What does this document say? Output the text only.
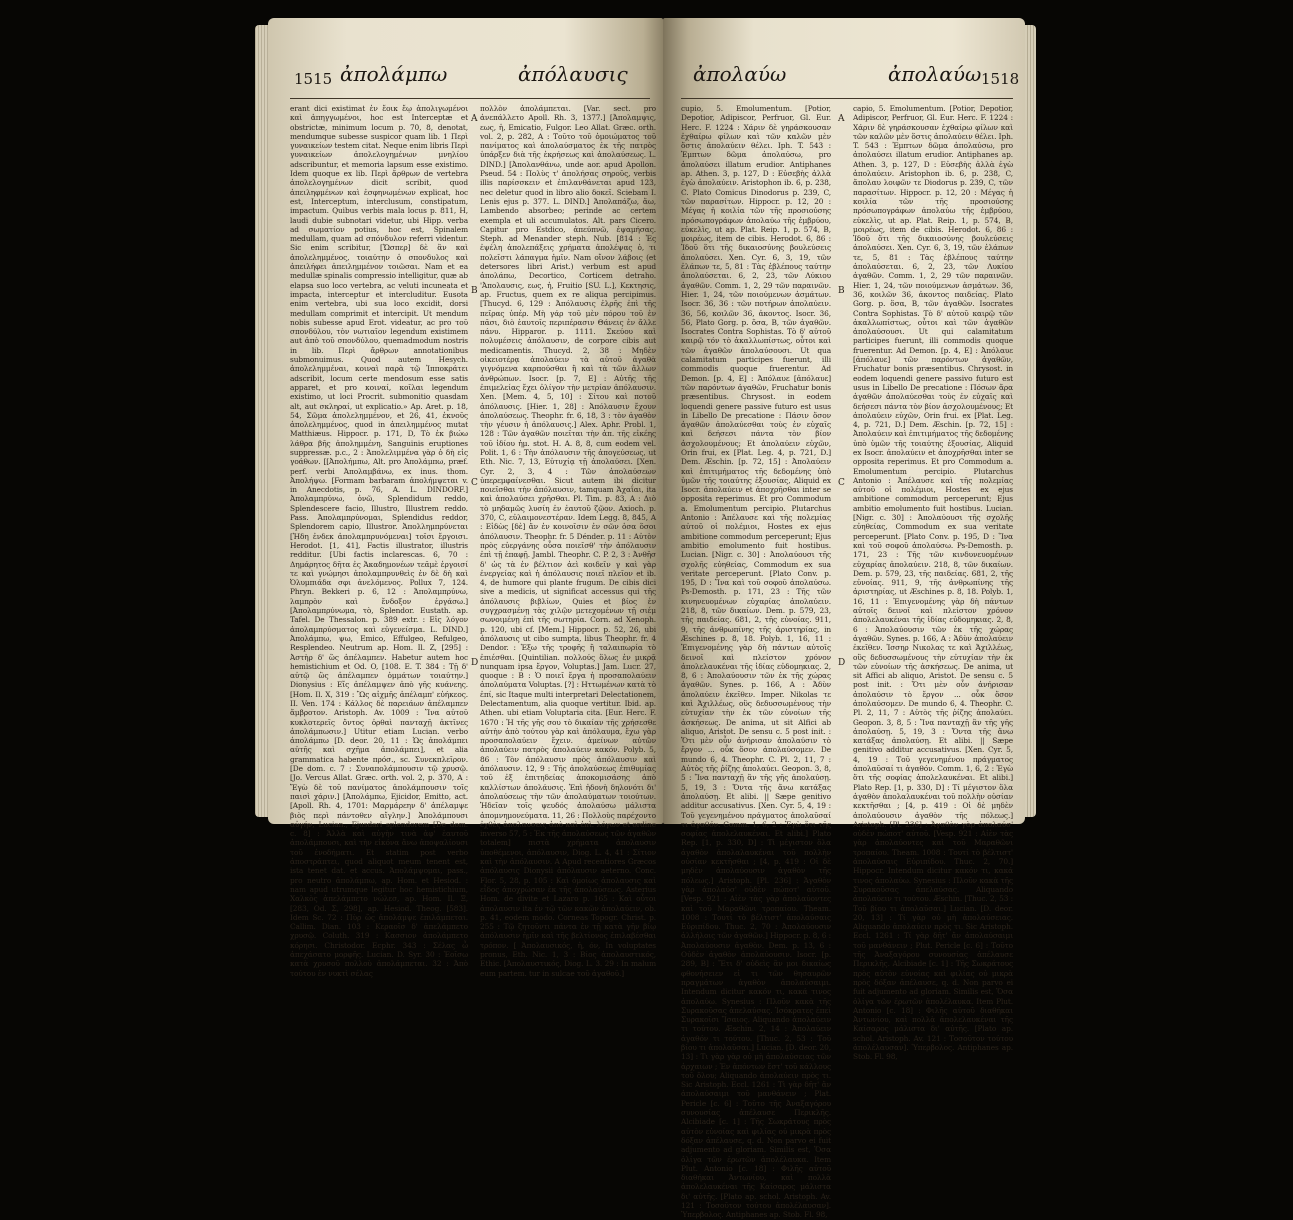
1515 ἀπολάμπω	ἀπόλαυσις
erant dici existimat ἐν ἔοικ ἔῳ ἀπολιγωμένοι καὶ ἀπηγγωμένοι, hoc est Interceptæ et obstrictæ, minimum locum p. 70, 8, denotat, mendumque subesse suspicor quam lib. 1 Περὶ γυναικείων testem citat. Neque enim libris Περὶ γυναικείων ἀπολελογημένων μνηλίου adscribuntur, et memoria lapsum esse existimo. Idem quoque ex lib. Περὶ ἄρθρων de vertebra ἀπολελογημένων dicit scribit, quod ἀπειληφμένων καὶ ἐσφηνωμένων explicat, hoc est, Interceptum, interclusum, constipatum, impactum. Quibus verbis mala locus p. 811, H, laudi dubie subnotari videtur, ubi Hipp. verba ad σωματίον potius, hoc est, Spinalem medullam, quam ad σπόνδυλον referri videntur. Sic enim scribitur, [Ὥσπερ] δὲ ἂν καὶ ἀπολελημμένος, τοιαύτην ὁ σπονδυλος καὶ ἀπειλήφει ἀπειλημμένον τοιῶσαι. Nam et ea medullæ spinalis compressio intelligitur, quæ ab elapsa suo loco vertebra, ac veluti incuneata et impacta, interceptur et intercluditur. Eusota enim vertebra, ubi sua loco excidit, dorsi medullam comprimit et intercipit. Ut mendum nobis subesse apud Erot. videatur, ac pro τοῦ σπονδύλου, τὸν νωτιαῖον legendum existimem aut ἀπὸ τοῦ σπονδύλου, quemadmodum nostris in lib. Περὶ ἄρθρων annotationibus submonuimus. Quod autem Hesych. ἀπολελημμέναι, κοιναὶ παρὰ τῷ Ἱπποκράτει adscribit, locum certe mendosum esse satis apparet, et pro κοιναί, κοῖλαι legendum existimo, ut loci Procrit. submonitio quasdam alt, aut σκληραί, ut explicatio.» Ap. Aret. p. 18, 54, Σῶμα ἀπολελημμένον, et 26, 41, ἐκνοῦς ἀπολελημμένος, quod in ἀπειλημμένος mutat Matthiæus. Hippocr. p. 171, D, Τὸ ἐκ βιώω λάθρα βῆς ἀπολημμένη, Sanguinis eruptiones suppressæ. p.c., 2 : Ἀπολελιμμένα γὰρ ὁ δὴ εἰς γοάθων. [[Ἀπολήμπω, Alt. pro Ἀπολάμπω, præf. perf. verbi Ἀπολαμβάνω, ex inus. thom. Ἀπολήψω. [Formam barbaram ἀπολήμψεται v. in Anecdotis, p. 76, A. L. DINDORF.] Ἀπολαμπρύνω, ὁνῶ, Splendidum reddo, Splendescere facio, Illustro, Illustrem reddo. Pass. Ἀπολαμπρύνομαι, Splendidus reddor, Splendorem capio, Illustror. Ἀπολλημπρύνεται [Ἠδη ἐνδεκ ἀπολαμπρυνόμεναι] τοῖσι ἔργοισι. Herodot. [1, 41], Factis illustrator, illustris redditur. [Ubi factis inclarescas. 6, 70 : Δημάρητος δῆτα ἐς Ἀκαδημονέων τεᾶμὲ ἐργοισί τε καὶ γνώμησι ἀπολαμπρυνθεὶς ἐν δὲ δὴ καὶ Ὀλυμπιάδα σφι ἀνελόμενος. Pollux 7, 124. Phryn. Bekkeri p. 6, 12 : Ἀπολαμπρύνω, λαμπρὸν καὶ ἔνδοξον ἐργάσω.] [Ἀπολαμπρύνωμα, τὸ, Splendor. Eustath. ap. Tafel. De Thessalon. p. 389 extr. : Εἰς λόγον ἀπολαμπρύσματος καὶ εὐγενείσμα. L. DIND.] Ἀπολάμπω, ψω, Emicο, Effulgeo, Refulgeo, Resplendeo. Neutrum ap. Hom. Il. Z, [295] : Ἀστὴρ δ' ὣς ἀπέλαμπεν. Habetur autem hoc hemistichium et Od. O, [108. E. T. 384 : Τῇ δ' αὐτῷ ὣς ἀπέλαμπεν ὀμμάτων τοιαύτην.] Dionysius : Εἴς ἀπέλαμψεν ἀπὸ γῆς κυάνεης. [Hom. Il. X, 319 : Ὣς αἰχμῆς ἀπέλαμπ' εὐήκεος. II. Ven. 174 : Κάλλος δὲ παρειάων ἀπέλαμπεν ἄμβροτον. Aristoph. Av. 1009 : Ἵνα αὐτοῦ κυκλοτερεῖς ὄντος ὀρθαὶ πανταχῇ ἀκτῖνες ἀπολάμπωσιν.] Utitur etiam Lucian. verbo ἀπολάμπω [D. deor. 20, 11 : Ὡς ἀπολάμπει αὐτῆς καὶ σχῆμα ἀπολάμπει], et alia grammatica habente πρόσ., sc. Συνεκπλεῖρον. [De dom. c. 7 : Συναπολάμπουσιν τῷ χρυσῷ. [Jo. Vercus Allat. Græc. orth. vol. 2, p. 370, A : Ἔγὼ δὲ τοῦ πανίματος ἀπολάμπουσιν τοῖς παισὶ χάριν.] [Ἀπολάμπω, Ejicidor, Emitto, act. [Apoll. Rh. 4, 1701: Μαρμάρεην δ' ἀπέλαμψε βιὸς περὶ πάντοθεν αἴγλην.] Ἀπολάμπουσι αὐγήν, Lucian., Ejusdari splendorem [De dom. c. 8] : Ἀλλὰ καὶ αὐγὴν τινὰ ἀφ' ἑαυτοῦ ἀπολάμπουσι, καὶ τὴν εἰκόνα ἄνω ἀποψαλίουσι τοῦ ἐνοδήματι. Et statim post verbo ἀποστράπτει, quod aliquot meum tenent est, ista tenet dat. et accus. Ἀπολάμψομαι, pass., pro neutro ἀπολάμπω, ap. Hom. et Hesiod. : nam apud utrumque legitur hoc hemistichium, Χαλκὸς ἀπελάμπετο νώλεσ, ap. Hom. Il. Ξ, [283, Od. Σ, 298], ap. Hesiod. Theog. [583]. Idem Sc. 72 : Πὺρ ὣς ἀπολάμψε ἐπιλάμπεται. Callim. Dian. 103 : Κεραοῖσ δ' ἀπελάμπετο χρυσῷ. Coluth. 319 : Κασσιον ἀπολάμπετο κόρησι. Christodor. Ecphr. 343 : Σέλας ὦ ἀπεχάσατο μορφῆς. Lucian. D. Syr. 30 : Ἐοῖσω κατὰ χρυσοῦ πολλοὺ ἀπολάμπεται. 32 : Ἀπὸ τούτου ἐν νυκτὶ σέλας
πολλὸν ἀπολάμπεται. [Var. sect. pro ἀνεπάλλετο Apoll. Rh. 3, 1377.] [Ἀπολαμψις, εως, ἡ, Emicatio, Fulgor. Leo Allat. Græc. orth. vol. 2, p. 282, A : Τοῦτο τοῦ ὁμοιώματος τοῦ πανίματος καὶ ἀπολαύσματος ἐκ τῆς πατρὸς ὑπάρξεν διὰ τῆς ἐκρήσεως καὶ ἀπολαύσεως. L. DIND.] [Ἀπολανθάνω, unde aor. apud Apollon. Pseud. 54 : Πολὺς τ' ἀπολήσας σηροῦς, verbis illis παρίσσκειν et ἐπιλανθάνεται apud 123, nec deletur quod in libro alio δοκεῖ. Sciebam I. Lenis ejus p. 377. L. DIND.] Ἀπολαπάζω, ἄω, Lambendo absorbeo; perinde ac certem exempla et uli accumulatos. Alt. pars Cicero. Capitur pro Estdico, ἀπεύπνῶ, ἐψαμήσας. Steph. ad Menander steph. Nub. [814 : Ἐς ἐψέλη ἀπολεπάξεις χρήματα ἀπολέψας ὁ, τι πολεῖστι λάπαγμα ἡμῖν. Nam οἴνον λάβοις (et detersores libri Arist.) verbum est apud ἀπολάπω, Decortico, Corticem detraho. 'Ἀπολαυσις, εως, ἡ, Fruitio [SU. L.], Κεκτησις, ap. Fructus, quem ex re aliqua percipimus. [Thucyd. 6, 129 : Ἀπόλαυσις ἐλρῆς ἐπὶ τῆς πεῖρας ὑπέρ. Μὴ γάρ τοῦ μὲν πόρου τοῦ ἐν πᾶσι, διὸ ἑαυτοῖς περιπέρασιν Θάνεις ἐν ἄλλε πάνυ. Hipparor. p. 1111. Σκεύου καὶ πολυμέσεις ἀπόλαυσιν, de corpore cibis aut medicamentis. Thucyd. 2, 38 : Μηδὲν οἰκειοτέρᾳ ἀπολαύειν τὰ αὐτοῦ ἀγαθὰ γιγνόμενα καρπούσθαι ἢ καὶ τὰ τῶν ἄλλων ἀνθρώπων. Isocr. [p. 7, E] : Αὐτῆς τῆς ἐπιμελείας ἔχει ὀλίγον τὴν μετρίαν ἀπόλαυσιν. Xen. [Mem. 4, 5, 10] : Σίτου καὶ ποτοῦ ἀπόλαυσις. [Hier. 1, 28] : Ἀπόλαυσιν ἔχουν ἀπολαύσεως. Theophr. fr. 6, 18, 3 : τὸν ἀγαθὸν τὴν γέυσιν ἡ ἀπόλαυσις.] Alex. Aphr. Probl. 1, 128 : Τῶν ἀγαθῶν ποιεῖται τὴν ἀπ. τῆς εἰκέης τοῦ ἰδίου ἡμ. stot. H. A. 8, 8, cum eodem vel. Polit. 1, 6 : Τὴν ἀπόλαυσιν τῆς ἀπογεύσεως, ut Eth. Nic. 7, 13, Εὐτυχίᾳ τῇ ἀπολαύσει. [Xen. Cyr. 2, 3, 4 : Τῶν ἀπολαύσεων ὑπερεμφαίνεσθαι. Sicut autem ibi dicitur ποιεῖσθαι τὴν ἀπόλαυσιν, tamquam Ἀχαΐαι, ita καὶ ἀπολαύσει χρῆσθαι. Pl. Tim. p. 83, A : Διὸ τὸ μηδαμῶς λυσίη ἐν ἑαυτοῦ ζῷον. Axioch. p. 370, C, εὐλαιμονεστέραν. Idem Legg. 8, 845, A : Εἰδὼς [δὲ] ἄν ἐν κοινοῖσιν ἐν σῶν ὁσα ὅσοι ἀπόλαυσιν. Theophr. fr. 5 Dénder. p. 11 : Αὐτὸν πρὸς εὐεργάνης οὖσα ποιεῖσθ' τὴν ἀπόλαυσιν ἐπὶ τῇ ἐπαφῇ. Jambl. Theophr. C. P. 2, 3 : Ἀνθῆσ δ' ὡς τὰ ἐν βέλτιον ἀεὶ κοιδεῖν γ καὶ γὰρ ἐνεργείας καὶ ἡ ἀπόλαυσις ποιεῖ πλεῖον et ib. 4, de humore qui plante frugum. De cibis dici sive a medicis, ut significat accessus qui τῆς ἀπόλαυσις βιβλίων, Quies et βίος ἐν συγχρασμένῃ τὰς χιλῷν μετεχομένων τῇ σιέμ σωνοιμένῃ ἐπὶ τῆς σωτηρία. Corn. ad Xenoph. p. 120, ubi cf. [Mem.] Hippocr. p. 52, 26, ubi ἀπόλαυσις ut cibo sumpta, libus Theophr. fr. 4 Dendor. : Ἐξω τῆς τροφῆς ἢ ταλαιπωρία τὸ ἐπιέσθαι. [Quintilian. πολλούς ὅλως ἐν μικρᾷ nunquam ipsa ἔργον, Voluptas.] Jam. Lucr. 27, quoque : B : Ὁ ποιεῖ ἔργα ἡ προσαπολαύειν ἀπολαύματα Voluptas. [?] : Ηττωμένων κατὰ τὸ ἐπί, sic Itaque multi interpretari Delectationem, Delectamentum, alia quoque vertitur. Ibid. ap. Athen. ubi etiam Voluptaria cita. [Eur. Herc. F. 1670 : Ἡ τῆς γῆς σου τὸ δικαίαν τῆς χρήσεσθε αὐτὴν ἀπὸ τούτου γὰρ καὶ ἀπόλαυμα, ἔχω γὰρ προσαπολαύειν ἔχειν. ἀμείνων αὐτῶν ἀπολαύειν πατρὸς ἀπολαύειν κακόν. Polyb. 5, 86 : Τὸν ἀπόλαυσιν πρὸς ἀπόλαυσιν καὶ ἀπόλαυσιν. 12, 9 : Τῆς ἀπολαύσεως ἐπιθυμίας τοῦ ἐξ ἐπιτηδείας ἀποκομισάσης ἀπὸ καλλίστων ἀπολάυσις. Ἐπὶ ἡδονὴ δηλονότι δι' ἀπολαύσεως τὴν τῶν ἀπολαύματων τοιούτων. Ἡδεῖαν τοῖς ψευδός ἀπολαύσω μάλιστα ἀπομνημονεύματα. 11, 26 : Πολλοὺς παρέχοντο ἐχθὲς ἀπολαυσεις ἀπὸ καὶ ἐπὶ. λόγων et ordine inverso 57, 5 : Ἐκ τῆς ἀπολαύσεως τῶν ἀγαθῶν totalem] πιστὰ χρήματα ἀπολαυσιν ὑποθέμενοι, ἀπόλαυσιν, Diog. L. 4, 41 : Σίτιον καὶ τὴν ἀπόλαυσιν. A Apud recentiores Græcos ἀπόλαυσις Dionysii ἀπόλαυσιν aeterno. Conc. Flor. 5, 28, p. 105 : Καὶ ὁμοίως ἀπολαυσις καὶ εἶδος ἀποχρώσαν ἐκ τῆς ἀπολαύσεως. Asterius Hom. de divite et Lazaro p. 165 : Καὶ οὗτοι ἀπολαυσιν ita ἐν τῷ τῶν κακῶν ἀπολαύειν, ob. p. 41, eodem modo. Corneas Topogr. Christ. p. 255 : Τῷ ζητοῦντι πάντα ἐν τῇ κατὰ γῆν βίῳ ἀπόλαυσιν ἡμῖν καὶ τῆς βελτίονος ἐπιλαβέσθαι τρόπον. [ Ἀπολαυσικός, ἡ, όν, In voluptates pronus, Eth. Nic. 1, 3 : Βίος ἀπολαυστικός, Ethic. [Ἀπολαυστικός, Diog. L. 3. 29 : In malum eum partem. tur in sulcae τοῦ ἀγαθοῦ.]
A
B
C
D
ἀπολαύω	ἀπολαύω 1518
cupio, 5. Emolumentum. [Potior, Depotior, Adipiscor, Perfruor, Gl. Eur. Herc. F. 1224 : Χάριν δὲ γηράσκουσαν ἐχθαίρω φίλων καὶ τῶν καλῶν μὲν ὅστις ἀπολαύειν θέλει. Iph. T. 543 : Ἐμπτων δῶμα ἀπολαύσω, pro ἀπολαύσει illatum erudior. Antiphanes ap. Athen. 3, p. 127, D : Εὐσεβὴς ἀλλὰ ἐγὼ ἀπολαύειν. Aristophon ib. 6, p. 238, C. Plato Comicus Dinodorus p. 239, C, τῶν παρασίτων. Hippocr. p. 12, 20 : Μέγας ἡ κοιλία τῶν τῆς προσιούσης πρόσωπογράφων ἀπολαύω τῆς ἐμβρύου, εὐκελὶς, ut ap. Plat. Reip. 1, p. 574, B, μοιρέως, item de cibis. Herodot. 6, 86 : Ἰδοῦ ὅτι τῆς δικαιοσύνης βουλεύσεις ἀπολαύσει. Xen. Cyr. 6, 3, 19, τῶν ἐλάπων τε, 5, 81 : Τὰς ἐβλέπους ταύτην ἀπολαύσεται. 6, 2, 23, τῶν Λύκιου ἀγαθῶν. Comm. 1, 2, 29 τῶν παραινῶν. Hier. 1, 24, τῶν ποιούμενων ἀσμάτων. Isocr. 36, 36 : τῶν ποτήρων ἀπολαύειν. 36, 56, κοιλῶν 36, ἀκοντος. Isocr. 36, 56, Plato Gorg. p. ὅσα, B, τῶν ἀγαθῶν. Isocrates Contra Sophistas. Τὸ δ' αὐτοῦ καιρῷ τόν τὸ ἀκαλλωπίστως, οὗτοι καὶ τῶν ἀγαθῶν ἀπολαύσουσι. Ut qua calamitatum participes fuerunt, illi commodis quoque fruerentur. Ad Demon. [p. 4, E] : Ἀπόλαυε [ἀπόλαυε] τῶν παρόντων ἀγαθῶν, Fruchatur bonis præsentibus. Chrysost. in eodem loquendi genere passive futuro est usus in Libello De precatione : Πάσιν ὅσον ἀγαθῶν ἀπολαύεσθαι τοὺς ἐν εὐχαῖς καὶ δεήσεσι πάντα τὸν βίον ἀσχολουμένους; Et ἀπολαύειν εὐχῶν, Orin frui, ex [Plat. Leg. 4, p. 721, D.] Dem. Æschin. [p. 72, 15] : Ἀπολαύειν καὶ ἐπιτιμήματος τῆς δεδομένης ὑπὸ ὑμῶν τῆς τοιαύτης ἐξουσίας, Aliquid ex Isocr. ἀπολαύειν et ἀποχρῆσθαι inter se opposita reperimus. Et pro Commodum a. Emolumentum percipio. Plutarchus Antonio : Ἀπέλαυσε καὶ τῆς πολεμίας αὐτοῦ οἱ πολέμιοι, Hostes ex ejus ambitione commodum perceperunt; Ejus ambitio emolumento fuit hostibus. Lucian. [Nigr. c. 30] : Ἀπολαύουσι τῆς σχολῆς εὐηθείας, Commodum ex sua veritate perceperunt. [Plato Conv. p. 195, D : Ἵνα καὶ τοῦ σοφοῦ ἀπολαύσω. Ps-Demosth. p. 171, 23 : Τῆς τῶν κινηνευομένων εὐχαρίας ἀπολαύειν. 218, 8, τῶν δικαίων. Dem. p. 579, 23, τῆς παιδείας. 681, 2, τῆς εὐνοίας. 911, 9, τῆς ἀνθρωπίνης τῆς ἀριστηρίας, in Æschines p. 8, 18. Polyb. 1, 16, 11 : Ἐπιγενομένης γὰρ δὴ πάντων αὐτοῖς δεινοῖ καὶ πλείστον χρόνον ἀπολελαυκέναι τῆς ἰδίας εὐδομηκιας. 2, 8, 6 : Ἀπολαύουσιν τῶν ἐκ τῆς χώρας ἀγαθῶν. Synes. p. 166, A : Ἀδὺν ἀπολαύειν ἐκεῖθεν. Imper. Nikolas τε καὶ Ἀχιλλέως, οὓς δεδυσσωμένους τὴν εὐτυχίαν τὴν ἐκ τῶν εὐνοίων τῆς ἀσκήσεως. De anima, ut sit Alfici ab aliquo, Aristot. De sensu c. 5 post init. : Ὅτι μὲν οὖν ἀνήρισαν ἀπολαύσιν τὸ ἔργον ... οὖκ ὅσον ἀπολαύσομεν. De mundo 6, 4. Theophr. C. Pl. 2, 11, 7 : Αὐτὸς τῆς ῥίζης ἀπολαύει. Geopon. 3, 8, 5 : Ἴνα πανταχῇ ἂν τῆς γῆς ἀπολαύσῃ. 5, 19, 3 : Ὄντα τῆς ἄνω κατάξας ἀπολαύσῃ. Et alibi. || Sæpe genitivo additur accusativus. [Xen. Cyr. 5, 4, 19 : Τοῦ γεγενημένου πράγματος ἀπολαῦσαί τι ἀγαθόν. Comm. 1, 6, 2 : Ἐγὼ ὅτι τῆς σοφίας ἀπολελαυκέναι. Et alibi.] Plato Rep. [1, p. 330, D] : Τὶ μέγιστον ὅλα ἀγαθὸν ἀπολαλαυκέναι τοῦ πολλὴν οὐσίαν κεκτῆσθαι ; [4, p. 419 : Οἱ δὲ μηδὲν ἀπολαύουσιν ἀγαθὸν τῆς πόλεως.] Aristoph. [Pl. 236] : Ἀγαθὸν γὰρ ἀπολαύσ' οὐδὲν πώποτ' αὐτοῦ. [Vesp. 921 : Αἰὲν τὰς γὰρ ἀπολαύοντες καὶ τοῦ Μαραθῶνι τροπαίου. Theam. 1008 : Τουτί τὸ βέλτιστ' ἀπολαύσαις Εὐριπίδου. Thuc. 2, 70 : Ἀπολαύουσιν ἀλλήλοις τῶν ἀγαθῶν.] Hippocr. p. 8, 6 : Ἀπολαύουσιν ἀγαθὸν. Dem. p. 13, 6 : Οὐδὲν ἀγαθὸν ἀπολαύουσιν. Isocr. [p. 289, B] : Ἔτι δ' οὐδεὶς ἂν μοι δικαίως φθονήσειεν εἰ τι τῶν θησαυρῶν πραγμάτων ἀγαθὸν ἀπολαύσαιμι. Intendum dicitur κακόν τι, κακά τινος ἀπολαύω. Synesius : Πλοῦν κακὰ τῆς Συρακοῦσας ἀπελαύσας. Ἰσόκρατες ἐπεὶ Συρακοῖσι Ἴσαιος. Aliquando ἀπολαύειν τι τούτου. Æschin. 2, 14 : Ἀπολαύειν ἀγαθόν τι τούτου. [Thuc. 2, 53 : Τοῦ βίου τι ἀπολαῦσαι.] Lucian. [D. deor. 20, 13] : Τι γὰρ γὰρ οὐ μὴ ἀπολαύσειας τῶν ἀρχαιων ; Ἐν ἀπόντων ἔστ' τοῦ κάλλους τοῦ ὅλου; Aliquando ἀπολαύειν πρὸς τι. Sic Aristoph. Eccl. 1261 : Τὶ γὰρ δῆτ' ἄν ἀπολαύσαιμι τοῦ μανθάνειν ; Plat. Pericle [c. 6] : Τοῦτο τῆς Ἀναξαγόρου συνουσίας ἀπέλαυσε Περικλῆς. Alcibiade [c. 1] : Τῆς Σωκράτους πρὸς αὐτὸν εὐνοίας καὶ φιλίας οὐ μικρὰ πρὸς δόξαν ἀπέλαυσε, q. d. Non parvo ei fuit adjumento ad gloriam. Similis est, Ὅσα ὀλίγα τῶν ἐρωτῶν ἀπολέλαυκα. Item Plut. Antonio [c. 18] : Φιλῆς αὐτοῦ διαθήκαι Ἀντωνίου, καὶ πολλὰ ἀπολελαυκέναι τῆς Καίσαρος μάλιστα δι' αὐτῆς. [Plato ap. schol. Aristoph. Av. 121 : Τοσοῦτον τούτου ἀπολέλαυσαν]. Ὑπερβολος. Antiphanes ap. Stob. Fl. 98,
capio, 5. Emolumentum. [Potior, Depotior, Adipiscor, Perfruor, Gl. Eur. Herc. F. 1224 : Χάριν δὲ γηράσκουσαν ἐχθαίρω φίλων καὶ τῶν καλῶν μὲν ὅστις ἀπολαύειν θέλει. Iph. T. 543 : Ἐμπτων δῶμα ἀπολαύσω, pro ἀπολαύσει illatum erudior. Antiphanes ap. Athen. 3, p. 127, D : Εὐσεβὴς ἀλλὰ ἐγὼ ἀπολαύειν. Aristophon ib. 6, p. 238, C, ἄπολαυ λοιφῶν τε Diodorus p. 239, C, τῶν παρασίτων. Hippocr. p. 12, 20 : Μέγας ἡ κοιλία τῶν τῆς προσιούσης πρόσωπογράφων ἀπολαύω τῆς ἐμβρύου, εὐκελὶς, ut ap. Plat. Reip. 1, p. 574, B, μοιρέως, item de cibis. Herodot. 6, 86 : Ἰδοῦ ὅτι τῆς δικαιοσύνης βουλεύσεις ἀπολαύσει. Xen. Cyr. 6, 3, 19, τῶν ἐλάπων τε, 5, 81 : Τὰς ἐβλέπους ταύτην ἀπολαύσεται. 6, 2, 23, τῶν Λυκίου ἀγαθῶν. Comm. 1, 2, 29 τῶν παραινῶν. Hier. 1, 24, τῶν ποιούμενων ἀσμάτων. 36, 36, κοιλῶν 36, ἀκοντος παιδείας. Plato Gorg. p. ὅσα, B, τῶν ἀγαθῶν. Isocrates Contra Sophistas. Τὸ δ' αὐτοῦ καιρῷ τῶν ἀκαλλωπίστως, οὗτοι καὶ τῶν ἀγαθῶν ἀπολαύσουσι. Ut qui calamitatum participes fuerunt, illi commodis quoque fruerentur. Ad Demon. [p. 4, E] : Ἀπόλαυε [ἀπόλαυε] τῶν παρόντων ἀγαθῶν, Fruchatur bonis præsentibus. Chrysost. in eodem loquendi genere passivo futuro est usus in Libello De precatione : Πόσων ἄρα ἀγαθῶν ἀπολαύεσθαι τοὺς ἐν εὐχαῖς καὶ δεήσεσι πάντα τὸν βίον ἀσχολουμένους; Et ἀπολαύειν εὐχῶν, Orin frui. ex [Plat. Leg. 4, p. 721, D.] Dem. Æschin. [p. 72, 15] : Ἀπολαύειν καὶ ἐπιτιμήματος τῆς δεδομένης ὑπὸ ὑμῶν τῆς τοιαύτης ἐξουσίας, Aliquid ex Isocr. ἀπολαύειν et ἀποχρῆσθαι inter se opposita reperimus. Et pro Commodum a. Emolumentum percipio. Plutarchus Antonio : Ἀπέλαυσε καὶ τῆς πολεμίας αὐτοῦ οἱ πολέμιοι, Hostes ex ejus ambitione commodum perceperunt; Ejus ambitio emolumento fuit hostibus. Lucian. [Nigr. c. 30] : Ἀπολαύουσι τῆς σχολῆς εὐηθείας, Commodum ex sua veritate perceperunt. [Plato Conv. p. 195, D : Ἵνα καὶ τοῦ σοφοῦ ἀπολαύσω. Ps-Demosth. p. 171, 23 : Τῆς τῶν κινδυνευομένων εὐχαρίας ἀπολαύειν. 218, 8, τῶν δικαίων. Dem. p. 579, 23, τῆς παιδείας. 681, 2, τῆς εὐνοίας. 911, 9, τῆς ἀνθρωπίνης τῆς ἀριστηρίας, ut Æschines p. 8, 18. Polyb. 1, 16, 11 : Ἐπιγενομένης γὰρ δὴ πάντων αὐτοῖς δεινοῖ καὶ πλείστον χρόνον ἀπολελαυκέναι τῆς ἰδίας εὐδομηκιας. 2, 8, 6 : Ἀπολαύουσιν τῶν ἐκ τῆς χώρας ἀγαθῶν. Synes. p. 166, A : Ἀδὺν ἀπολαύειν ἐκεῖθεν. Ἰσσηρ Νικολας τε καὶ Ἀχιλλέως, οὓς δεδυσσωμένους τὴν εὐτυχίαν τὴν ἐκ τῶν εὐνοίων τῆς ἀσκήσεως. De anima, ut sit Affici ab aliquo, Aristot. De sensu c. 5 post init. : Ὅτι μὲν οὖν ἀνήρισαν ἀπολαύσιν τὸ ἔργον ... οὖκ ὅσον ἀπολαύσομεν. De mundo 6, 4. Theophr. C. Pl. 2, 11, 7 : Αὐτὸς τῆς ῥίζης ἀπολαύει. Geopon. 3, 8, 5 : Ἴνα πανταχῇ ἂν τῆς γῆς ἀπολαύσῃ. 5, 19, 3 : Ὄντα τῆς ἄνω κατάξας ἀπολαύσῃ. Et alibi. || Sæpe genitivo additur accusativus. [Xen. Cyr. 5, 4, 19 : Τοῦ γεγενημένου πράγματος ἀπολαῦσαί τι ἀγαθόν. Comm. 1, 6, 2 : Ἐγὼ ὅτι τῆς σοφίας ἀπολελαυκέναι. Et alibi.] Plato Rep. [1, p. 330, D] : Τί μέγιστον ὅλα ἀγαθὸν ἀπολαλαυκέναι τοῦ πολλὴν οὐσίαν κεκτῆσθαι ; [4, p. 419 : Οἱ δὲ μηδὲν ἀπολαύουσιν ἀγαθὸν τῆς πόλεως.] Aristoph. [Pl. 236] : Ἀγαθὸν γὰρ ἀπολαύσ' οὐδὲν πώποτ' αὐτοῦ. [Vesp. 921 : Αἰὲν τὰς γὰρ ἀπολαύοντες καὶ τοῦ Μαραθῶνι τροπαίου. Theam. 1008 : Τουτί τὸ βέλτιστ' ἀπολαύσαις Εὐριπίδου. Thuc. 2, 70.] Hippocr. Intendum dicitur κακόν τι, κακά τινος ἀπολαύω. Synesius : Πλοῦν κακὰ τῆς Συρακοῦσας ἀπελαύσας. Aliquando ἀπολαύειν τι τούτου. Æschin. [Thuc. 2, 53 : Τοῦ βίου τι ἀπολαῦσαι.] Lucian. [D. deor. 20, 13] : Τί γὰρ οὐ μὴ ἀπολαύσειας. Aliquando ἀπολαύειν πρὸς τι. Sic Aristoph. Eccl. 1261 : Τί γὰρ δῆτ' ἄν ἀπολαύσαιμι τοῦ μανθάνειν ; Plut. Pericle [c. 6] : Τοῦτο τῆς Ἀναξαγόρου συνουσίας ἀπέλαυσε Περικλῆς. Alcibiade [c. 1] : Τῆς Σωκράτους πρὸς αὐτὸν εὐνοίας καὶ φιλίας οὐ μικρὰ πρὸς δόξαν ἀπέλαυσε, q. d. Non parvo ei fuit adjumento ad gloriam. Similis est, Ὅσα ὀλίγα τῶν ἐρωτῶν ἀπολέλαυκα. Item Plut. Antonio [c. 18] : Φιλῆς αὐτοῦ διαθήκαι Ἀντωνίου, καὶ πολλὰ ἀπολελαυκέναι τῆς Καίσαρος μάλιστα δι' αὐτῆς. [Plato ap. schol. Aristoph. Av. 121 : Τοσοῦτον τούτου ἀπολέλαυσαν]. Ὑπερβολος. Antiphanes ap. Stob. Fl. 98,
A
B
C
D
